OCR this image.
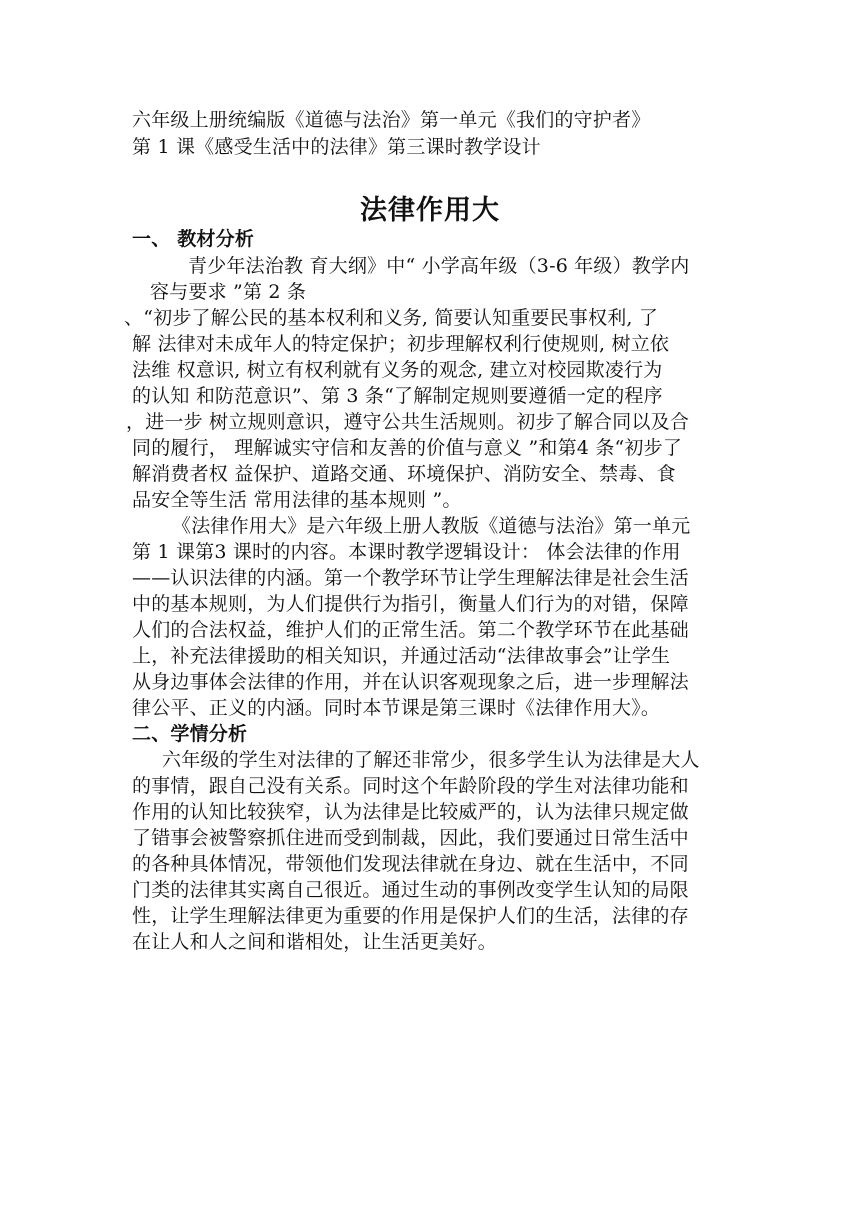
六年级上册统编版《道德与法治》第一单元《我们的守护者》
第 1 课《感受生活中的法律》第三课时教学设计
法律作用大
一、 教材分析
青少年法治教 育大纲》中“ 小学高年级（3-6 年级）教学内
容与要求 ”第 2 条
、“初步了解公民的基本权利和义务, 简要认知重要民事权利, 了
解 法律对未成年人的特定保护；初步理解权利行使规则, 树立依
法维 权意识, 树立有权利就有义务的观念, 建立对校园欺凌行为
的认知 和防范意识”、第 3 条“了解制定规则要遵循一定的程序
，进一步 树立规则意识，遵守公共生活规则。初步了解合同以及合
同的履行， 理解诚实守信和友善的价值与意义 ”和第4 条“初步了
解消费者权 益保护、道路交通、环境保护、消防安全、禁毒、食
品安全等生活 常用法律的基本规则 ”。
《法律作用大》是六年级上册人教版《道德与法治》第一单元
第 1 课第3 课时的内容。本课时教学逻辑设计： 体会法律的作用
——认识法律的内涵。第一个教学环节让学生理解法律是社会生活
中的基本规则，为人们提供行为指引，衡量人们行为的对错，保障
人们的合法权益，维护人们的正常生活。第二个教学环节在此基础
上，补充法律援助的相关知识，并通过活动“法律故事会”让学生
从身边事体会法律的作用，并在认识客观现象之后，进一步理解法
律公平、正义的内涵。同时本节课是第三课时《法律作用大》。
二、学情分析
六年级的学生对法律的了解还非常少，很多学生认为法律是大人
的事情，跟自己没有关系。同时这个年龄阶段的学生对法律功能和
作用的认知比较狭窄，认为法律是比较威严的，认为法律只规定做
了错事会被警察抓住进而受到制裁，因此，我们要通过日常生活中
的各种具体情况，带领他们发现法律就在身边、就在生活中，不同
门类的法律其实离自己很近。通过生动的事例改变学生认知的局限
性，让学生理解法律更为重要的作用是保护人们的生活，法律的存
在让人和人之间和谐相处，让生活更美好。
